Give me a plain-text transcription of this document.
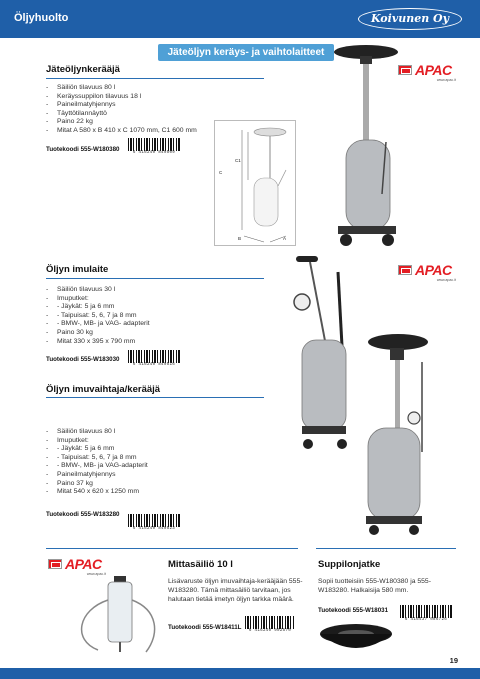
Öljyhuolto	Koivunen Oy
Jäteöljyn keräys- ja vaihtolaitteet
Jäteöljynkerääjä
- Säiliön tilavuus 80 l
- Keräyssuppilon tilavuus 18 l
- Paineilmatyhjennys
- Täyttötilannäyttö
- Paino 22 kg
- Mitat A 580 x B 410 x C 1070 mm, C1 600 mm
Tuotekoodi 555-W180380	6 416240 849509
C1
C
B	A
APAC
www.apac.it
Öljyn imulaite
- Säiliön tilavuus 30 l
- Imuputket:
- - Jäykät: 5 ja 6 mm
- - Taipuisat: 5, 6, 7 ja 8 mm
- - BMW-, MB- ja VAG- adapterit
- Paino 30 kg
- Mitat 330 x 395 x 790 mm
Tuotekoodi 555-W183030
6 416240 849516
APAC
www.apac.it
Öljyn imuvaihtaja/kerääjä
- Säiliön tilavuus 80 l
- Imuputket:
- - Jäykät: 5 ja 6 mm
- - Taipuisat: 5, 6, 7 ja 8 mm
- - BMW-, MB- ja VAG-adapterit
- Paineilmatyhjennys
- Paino 37 kg
- Mitat 540 x 620 x 1250 mm
Tuotekoodi 555-W183280
6 416240 849523
APAC
www.apac.it
Mittasäiliö 10 l
Lisävaruste öljyn imuvaihtaja-kerääjään 555-W183280. Tämä mittasäiliö tarvitaan, jos halutaan tietää imetyn öljyn tarkka määrä.
Tuotekoodi 555-W18411L	6 416240 902570
Suppilonjatke
Sopii tuotteisiin 555-W180380 ja 555-W183280. Halkaisija 580 mm.
Tuotekoodi 555-W18031
6 416437 086726
19
